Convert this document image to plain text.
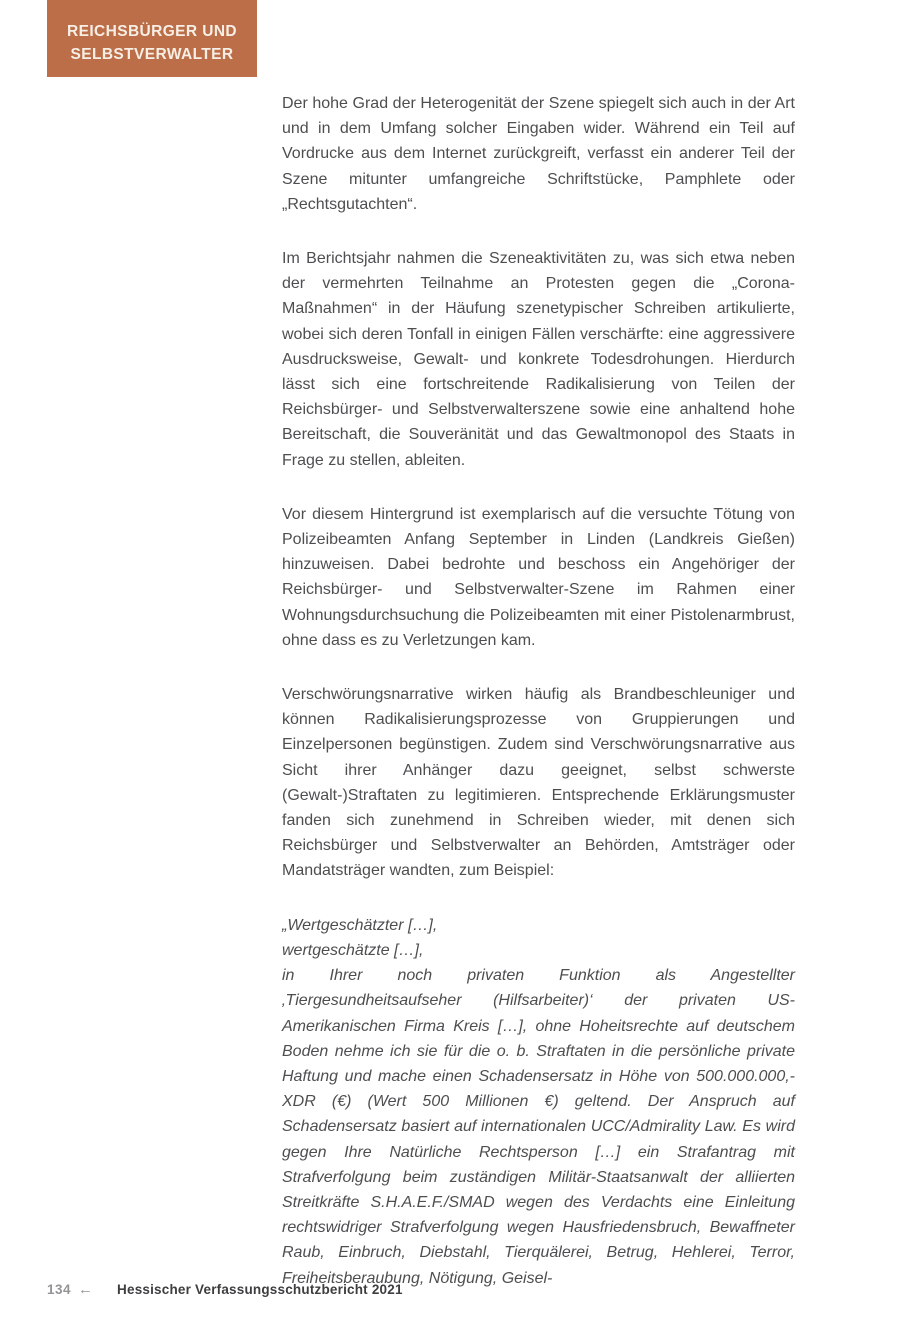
REICHSBÜRGER UND
SELBSTVERWALTER

Der hohe Grad der Heterogenität der Szene spiegelt sich auch in der Art und in dem Umfang solcher Eingaben wider. Während ein Teil auf Vordrucke aus dem Internet zurückgreift, verfasst ein anderer Teil der Szene mitunter umfangreiche Schriftstücke, Pamphlete oder „Rechtsgutachten“.

Im Berichtsjahr nahmen die Szeneaktivitäten zu, was sich etwa neben der vermehrten Teilnahme an Protesten gegen die „Corona-Maßnahmen“ in der Häufung szenetypischer Schreiben artikulierte, wobei sich deren Tonfall in einigen Fällen verschärfte: eine aggressivere Ausdrucksweise, Gewalt- und konkrete Todesdrohungen. Hierdurch lässt sich eine fortschreitende Radikalisierung von Teilen der Reichsbürger- und Selbstverwalterszene sowie eine anhaltend hohe Bereitschaft, die Souveränität und das Gewaltmonopol des Staats in Frage zu stellen, ableiten.

Vor diesem Hintergrund ist exemplarisch auf die versuchte Tötung von Polizeibeamten Anfang September in Linden (Landkreis Gießen) hinzuweisen. Dabei bedrohte und beschoss ein Angehöriger der Reichsbürger- und Selbstverwalter-Szene im Rahmen einer Wohnungsdurchsuchung die Polizeibeamten mit einer Pistolenarmbrust, ohne dass es zu Verletzungen kam.

Verschwörungsnarrative wirken häufig als Brandbeschleuniger und können Radikalisierungsprozesse von Gruppierungen und Einzelpersonen begünstigen. Zudem sind Verschwörungsnarrative aus Sicht ihrer Anhänger dazu geeignet, selbst schwerste (Gewalt-)Straftaten zu legitimieren. Entsprechende Erklärungsmuster fanden sich zunehmend in Schreiben wieder, mit denen sich Reichsbürger und Selbstverwalter an Behörden, Amtsträger oder Mandatsträger wandten, zum Beispiel:

„Wertgeschätzter […],
wertgeschätzte […],
in Ihrer noch privaten Funktion als Angestellter ‚Tiergesundheitsaufseher (Hilfsarbeiter)‘ der privaten US- Amerikanischen Firma Kreis […], ohne Hoheitsrechte auf deutschem Boden nehme ich sie für die o. b. Straftaten in die persönliche private Haftung und mache einen Schadensersatz in Höhe von 500.000.000,- XDR (€) (Wert 500 Millionen €) geltend. Der Anspruch auf Schadensersatz basiert auf internationalen UCC/Admirality Law. Es wird gegen Ihre Natürliche Rechtsperson […] ein Strafantrag mit Strafverfolgung beim zuständigen Militär-Staatsanwalt der alliierten Streitkräfte S.H.A.E.F./SMAD wegen des Verdachts eine Einleitung rechtswidriger Strafverfolgung wegen Hausfriedensbruch, Bewaffneter Raub, Einbruch, Diebstahl, Tierquälerei, Betrug, Hehlerei, Terror, Freiheitsberaubung, Nötigung, Geisel-
134 ← Hessischer Verfassungsschutzbericht 2021
